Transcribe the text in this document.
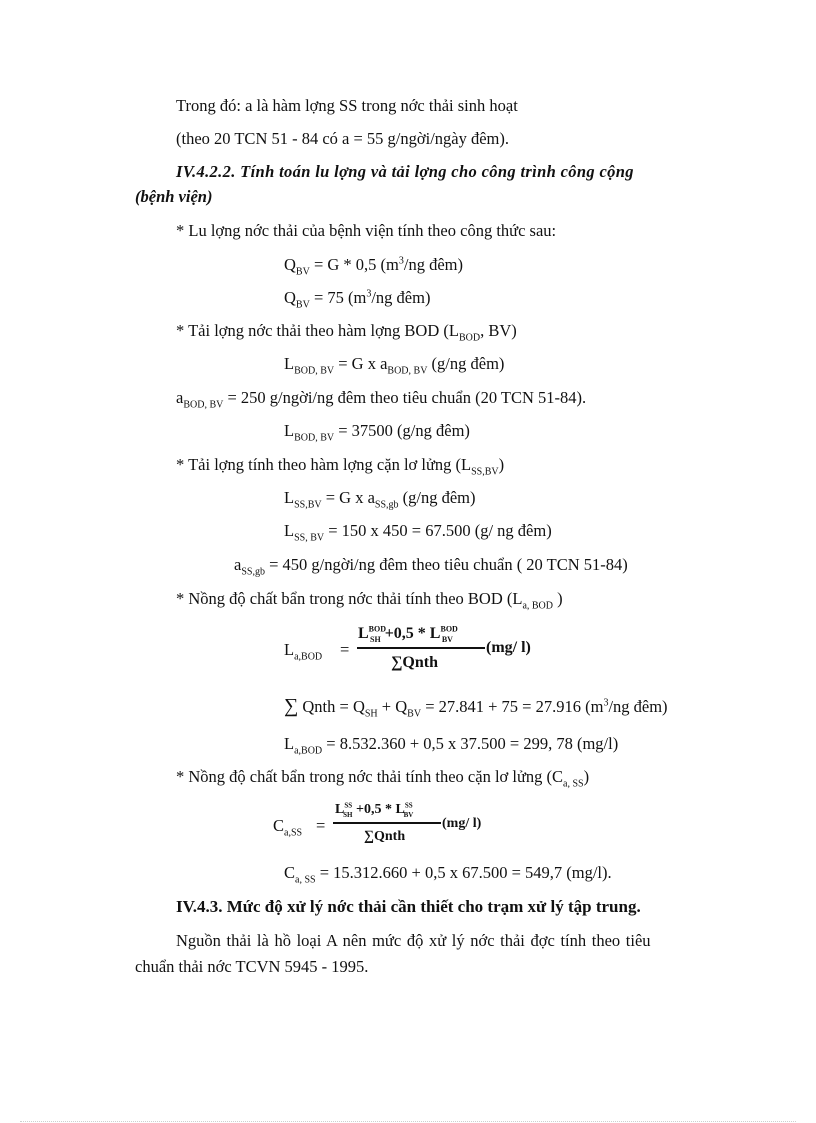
Trong đó: a là hàm lợng SS trong nớc thải sinh hoạt
(theo 20 TCN 51 - 84 có a = 55 g/ngời/ngày đêm).
IV.4.2.2. Tính toán lu lợng và tải lợng cho công trình công cộng
(bệnh viện)
* Lu lợng nớc thải của bệnh viện tính theo công thức sau:
$Q_{BV} = G * 0,5$ ($m^3/ng$ đêm)
$Q_{BV} = 75$ ($m^3/ng$ đêm)
* Tải lợng nớc thải theo hàm lợng BOD ($L_{BOD}$, BV)
$L_{BOD, BV} = G$ x $a_{BOD, BV}$ (g/ng đêm)
$a_{BOD, BV} = 250$ g/ngời/ng đêm theo tiêu chuẩn (20 TCN 51-84).
$L_{BOD, BV} = 37500$ (g/ng đêm)
* Tải lợng tính theo hàm lợng cặn lơ lửng $(L_{SS,BV})$
$L_{SS,BV} = G$ x $a_{SS,gb}$ (g/ng đêm)
$L_{SS, BV} = 150$ x 450 = 67.500 (g/ ng đêm)
$a_{SS,gb} = 450$ g/ngời/ng đêm theo tiêu chuẩn ( 20 TCN 51-84)
* Nồng độ chất bẩn trong nớc thải tính theo BOD ($L_{a, BOD}$ )
$L_{a,BOD}$ =
$L^{BOD}_{SH} +0,5 * L^{BOD}_{BV}$
∑Qnth
(mg/ l)
∑ Qnth = $Q_{SH} + Q_{BV} = 27.841 + 75 = 27.916$ ($m^3/ng$ đêm)
$L_{a,BOD} = 8.532.360 + 0,5$ x 37.500 = 299, 78 (mg/l)
* Nồng độ chất bẩn trong nớc thải tính theo cặn lơ lửng $(C_{a, SS})$
$C_{a,SS}$ =
$L^{SS}_{SH} +0,5 * L^{SS}_{BV}$
∑Qnth
(mg/ l)
$C_{a, SS} = 15.312.660 + 0,5$ x 67.500 = 549,7 (mg/l).
IV.4.3. Mức độ xử lý nớc thải cần thiết cho trạm xử lý tập trung.
Nguồn thải là hồ loại A nên mức độ xử lý nớc thải đợc tính theo tiêu
chuẩn thải nớc TCVN 5945 - 1995.
